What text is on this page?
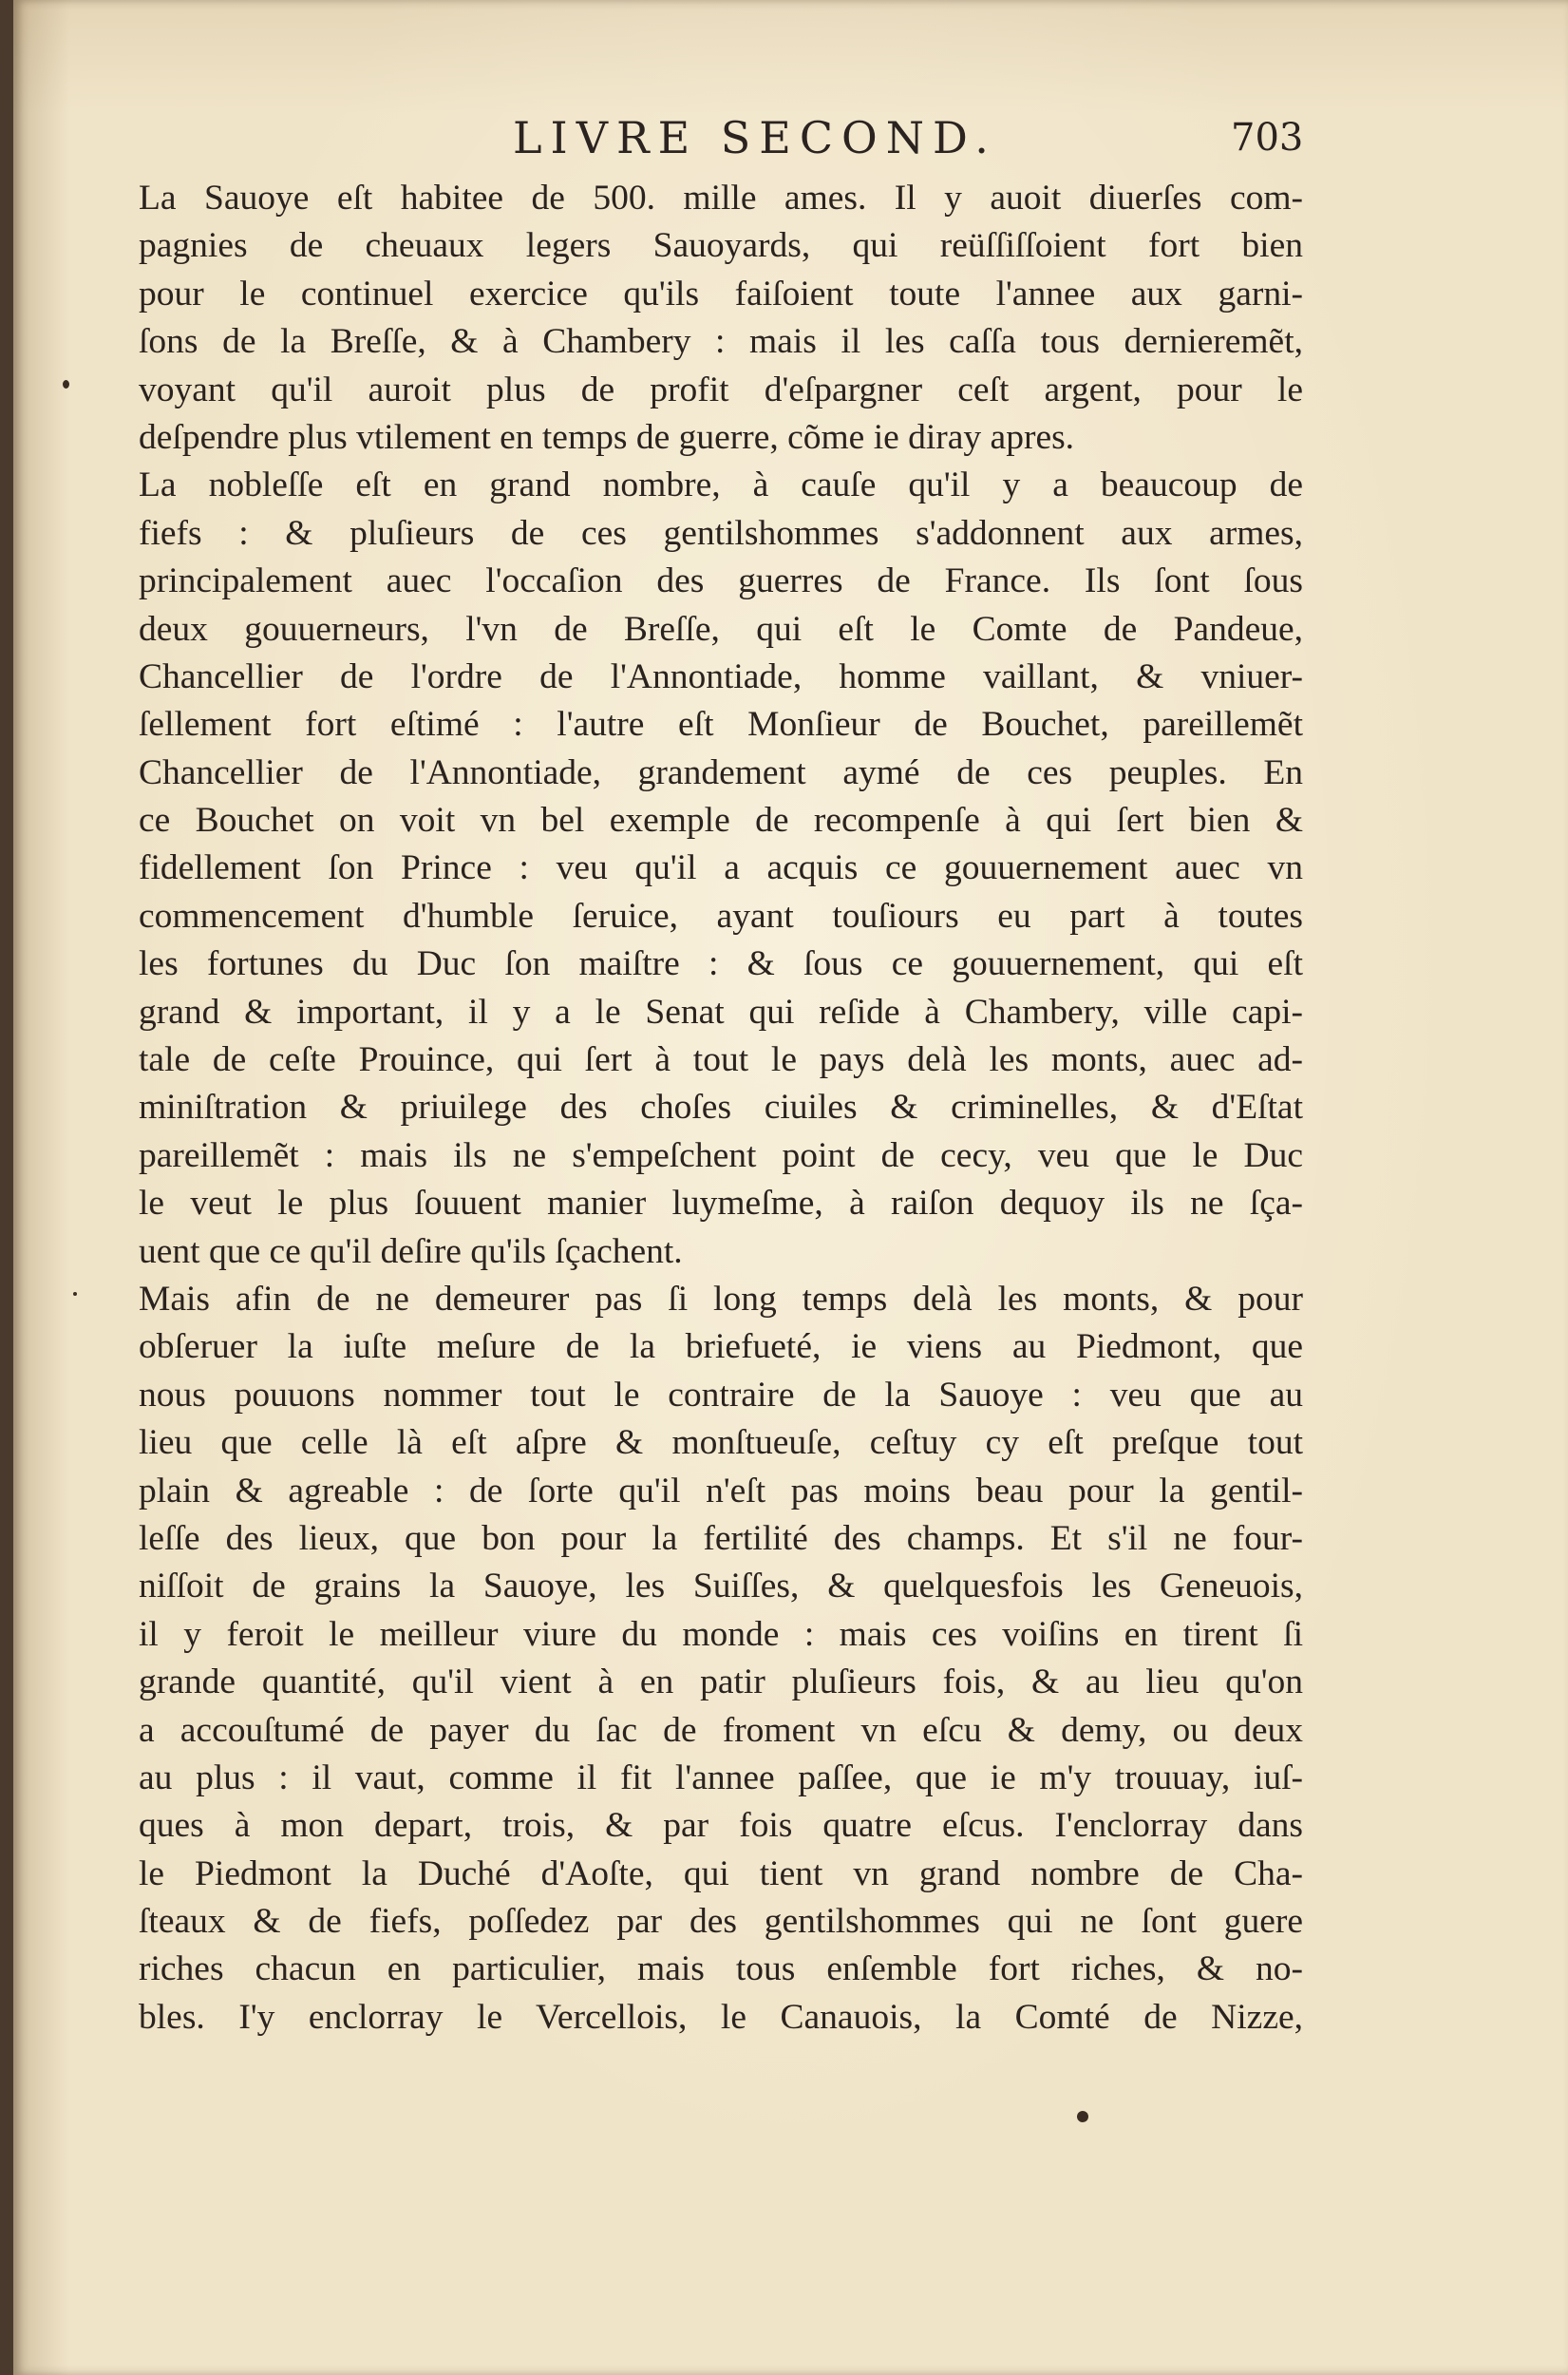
LIVRE SECOND.	703
La Sauoye eſt habitee de 500. mille ames. Il y auoit diuerſes com-
pagnies de cheuaux legers Sauoyards, qui reüſſiſſoient fort bien
pour le continuel exercice qu'ils faiſoient toute l'annee aux garni-
ſons de la Breſſe, & à Chambery : mais il les caſſa tous dernieremẽt,
voyant qu'il auroit plus de profit d'eſpargner ceſt argent, pour le
deſpendre plus vtilement en temps de guerre, cõme ie diray apres.
La nobleſſe eſt en grand nombre, à cauſe qu'il y a beaucoup de
fiefs : & pluſieurs de ces gentilshommes s'addonnent aux armes,
principalement auec l'occaſion des guerres de France. Ils ſont ſous
deux gouuerneurs, l'vn de Breſſe, qui eſt le Comte de Pandeue,
Chancellier de l'ordre de l'Annontiade, homme vaillant, & vniuer-
ſellement fort eſtimé : l'autre eſt Monſieur de Bouchet, pareillemẽt
Chancellier de l'Annontiade, grandement aymé de ces peuples. En
ce Bouchet on voit vn bel exemple de recompenſe à qui ſert bien &
fidellement ſon Prince : veu qu'il a acquis ce gouuernement auec vn
commencement d'humble ſeruice, ayant touſiours eu part à toutes
les fortunes du Duc ſon maiſtre : & ſous ce gouuernement, qui eſt
grand & important, il y a le Senat qui reſide à Chambery, ville capi-
tale de ceſte Prouince, qui ſert à tout le pays delà les monts, auec ad-
miniſtration & priuilege des choſes ciuiles & criminelles, & d'Eſtat
pareillemẽt : mais ils ne s'empeſchent point de cecy, veu que le Duc
le veut le plus ſouuent manier luymeſme, à raiſon dequoy ils ne ſça-
uent que ce qu'il deſire qu'ils ſçachent.
Mais afin de ne demeurer pas ſi long temps delà les monts, & pour
obſeruer la iuſte meſure de la briefueté, ie viens au Piedmont, que
nous pouuons nommer tout le contraire de la Sauoye : veu que au
lieu que celle là eſt aſpre & monſtueuſe, ceſtuy cy eſt preſque tout
plain & agreable : de ſorte qu'il n'eſt pas moins beau pour la gentil-
leſſe des lieux, que bon pour la fertilité des champs. Et s'il ne four-
niſſoit de grains la Sauoye, les Suiſſes, & quelquesfois les Geneuois,
il y feroit le meilleur viure du monde : mais ces voiſins en tirent ſi
grande quantité, qu'il vient à en patir pluſieurs fois, & au lieu qu'on
a accouſtumé de payer du ſac de froment vn eſcu & demy, ou deux
au plus : il vaut, comme il fit l'annee paſſee, que ie m'y trouuay, iuſ-
ques à mon depart, trois, & par fois quatre eſcus. I'enclorray dans
le Piedmont la Duché d'Aoſte, qui tient vn grand nombre de Cha-
ſteaux & de fiefs, poſſedez par des gentilshommes qui ne ſont guere
riches chacun en particulier, mais tous enſemble fort riches, & no-
bles. I'y enclorray le Vercellois, le Canauois, la Comté de Nizze,
